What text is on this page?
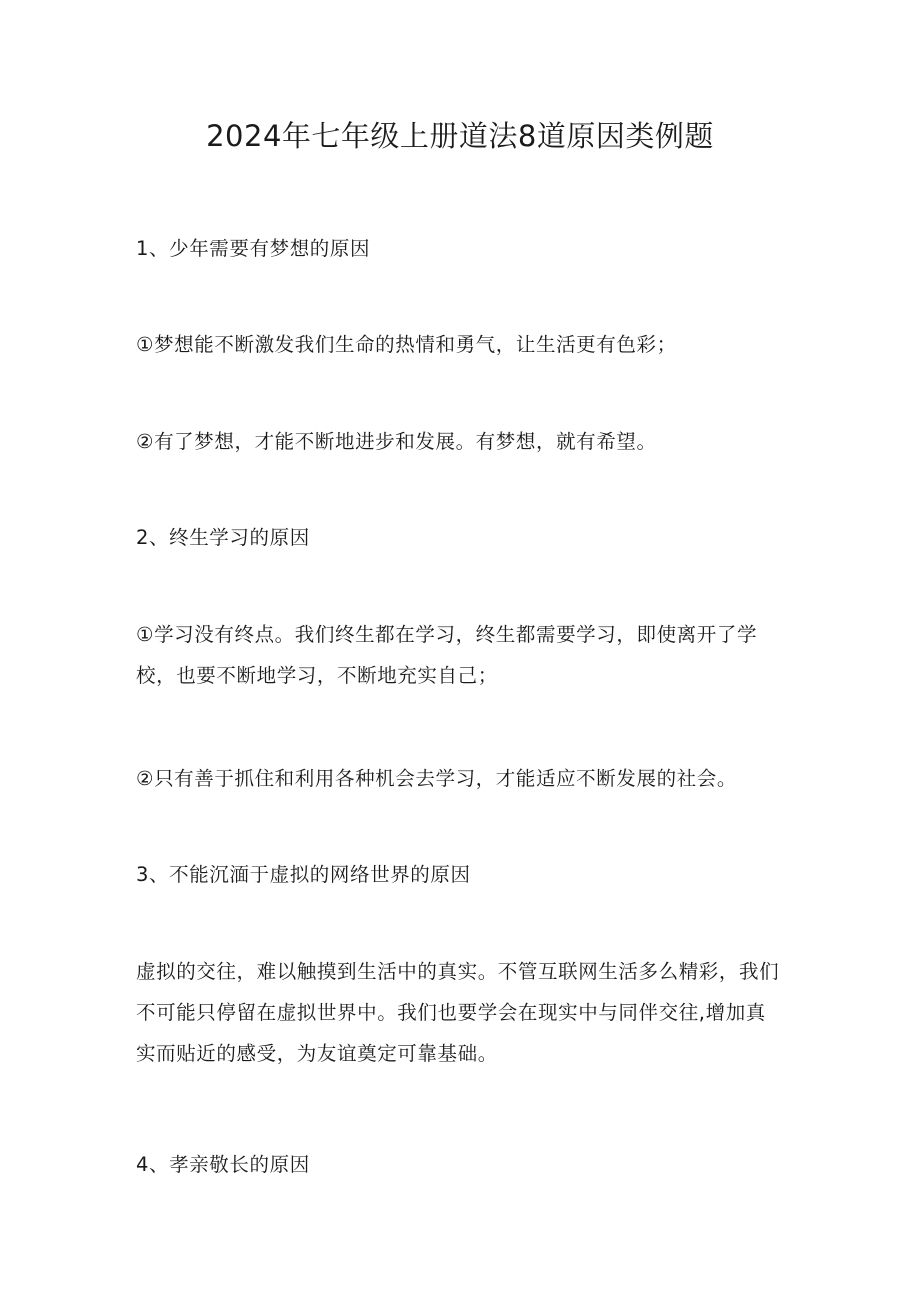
2024年七年级上册道法8道原因类例题

1、少年需要有梦想的原因

①梦想能不断激发我们生命的热情和勇气，让生活更有色彩；

②有了梦想，才能不断地进步和发展。有梦想，就有希望。

2、终生学习的原因

①学习没有终点。我们终生都在学习，终生都需要学习，即使离开了学

校，也要不断地学习，不断地充实自己；

②只有善于抓住和利用各种机会去学习，才能适应不断发展的社会。

3、不能沉湎于虚拟的网络世界的原因

虚拟的交往，难以触摸到生活中的真实。不管互联网生活多么精彩，我们

不可能只停留在虚拟世界中。我们也要学会在现实中与同伴交往,增加真

实而贴近的感受，为友谊奠定可靠基础。

4、孝亲敬长的原因
